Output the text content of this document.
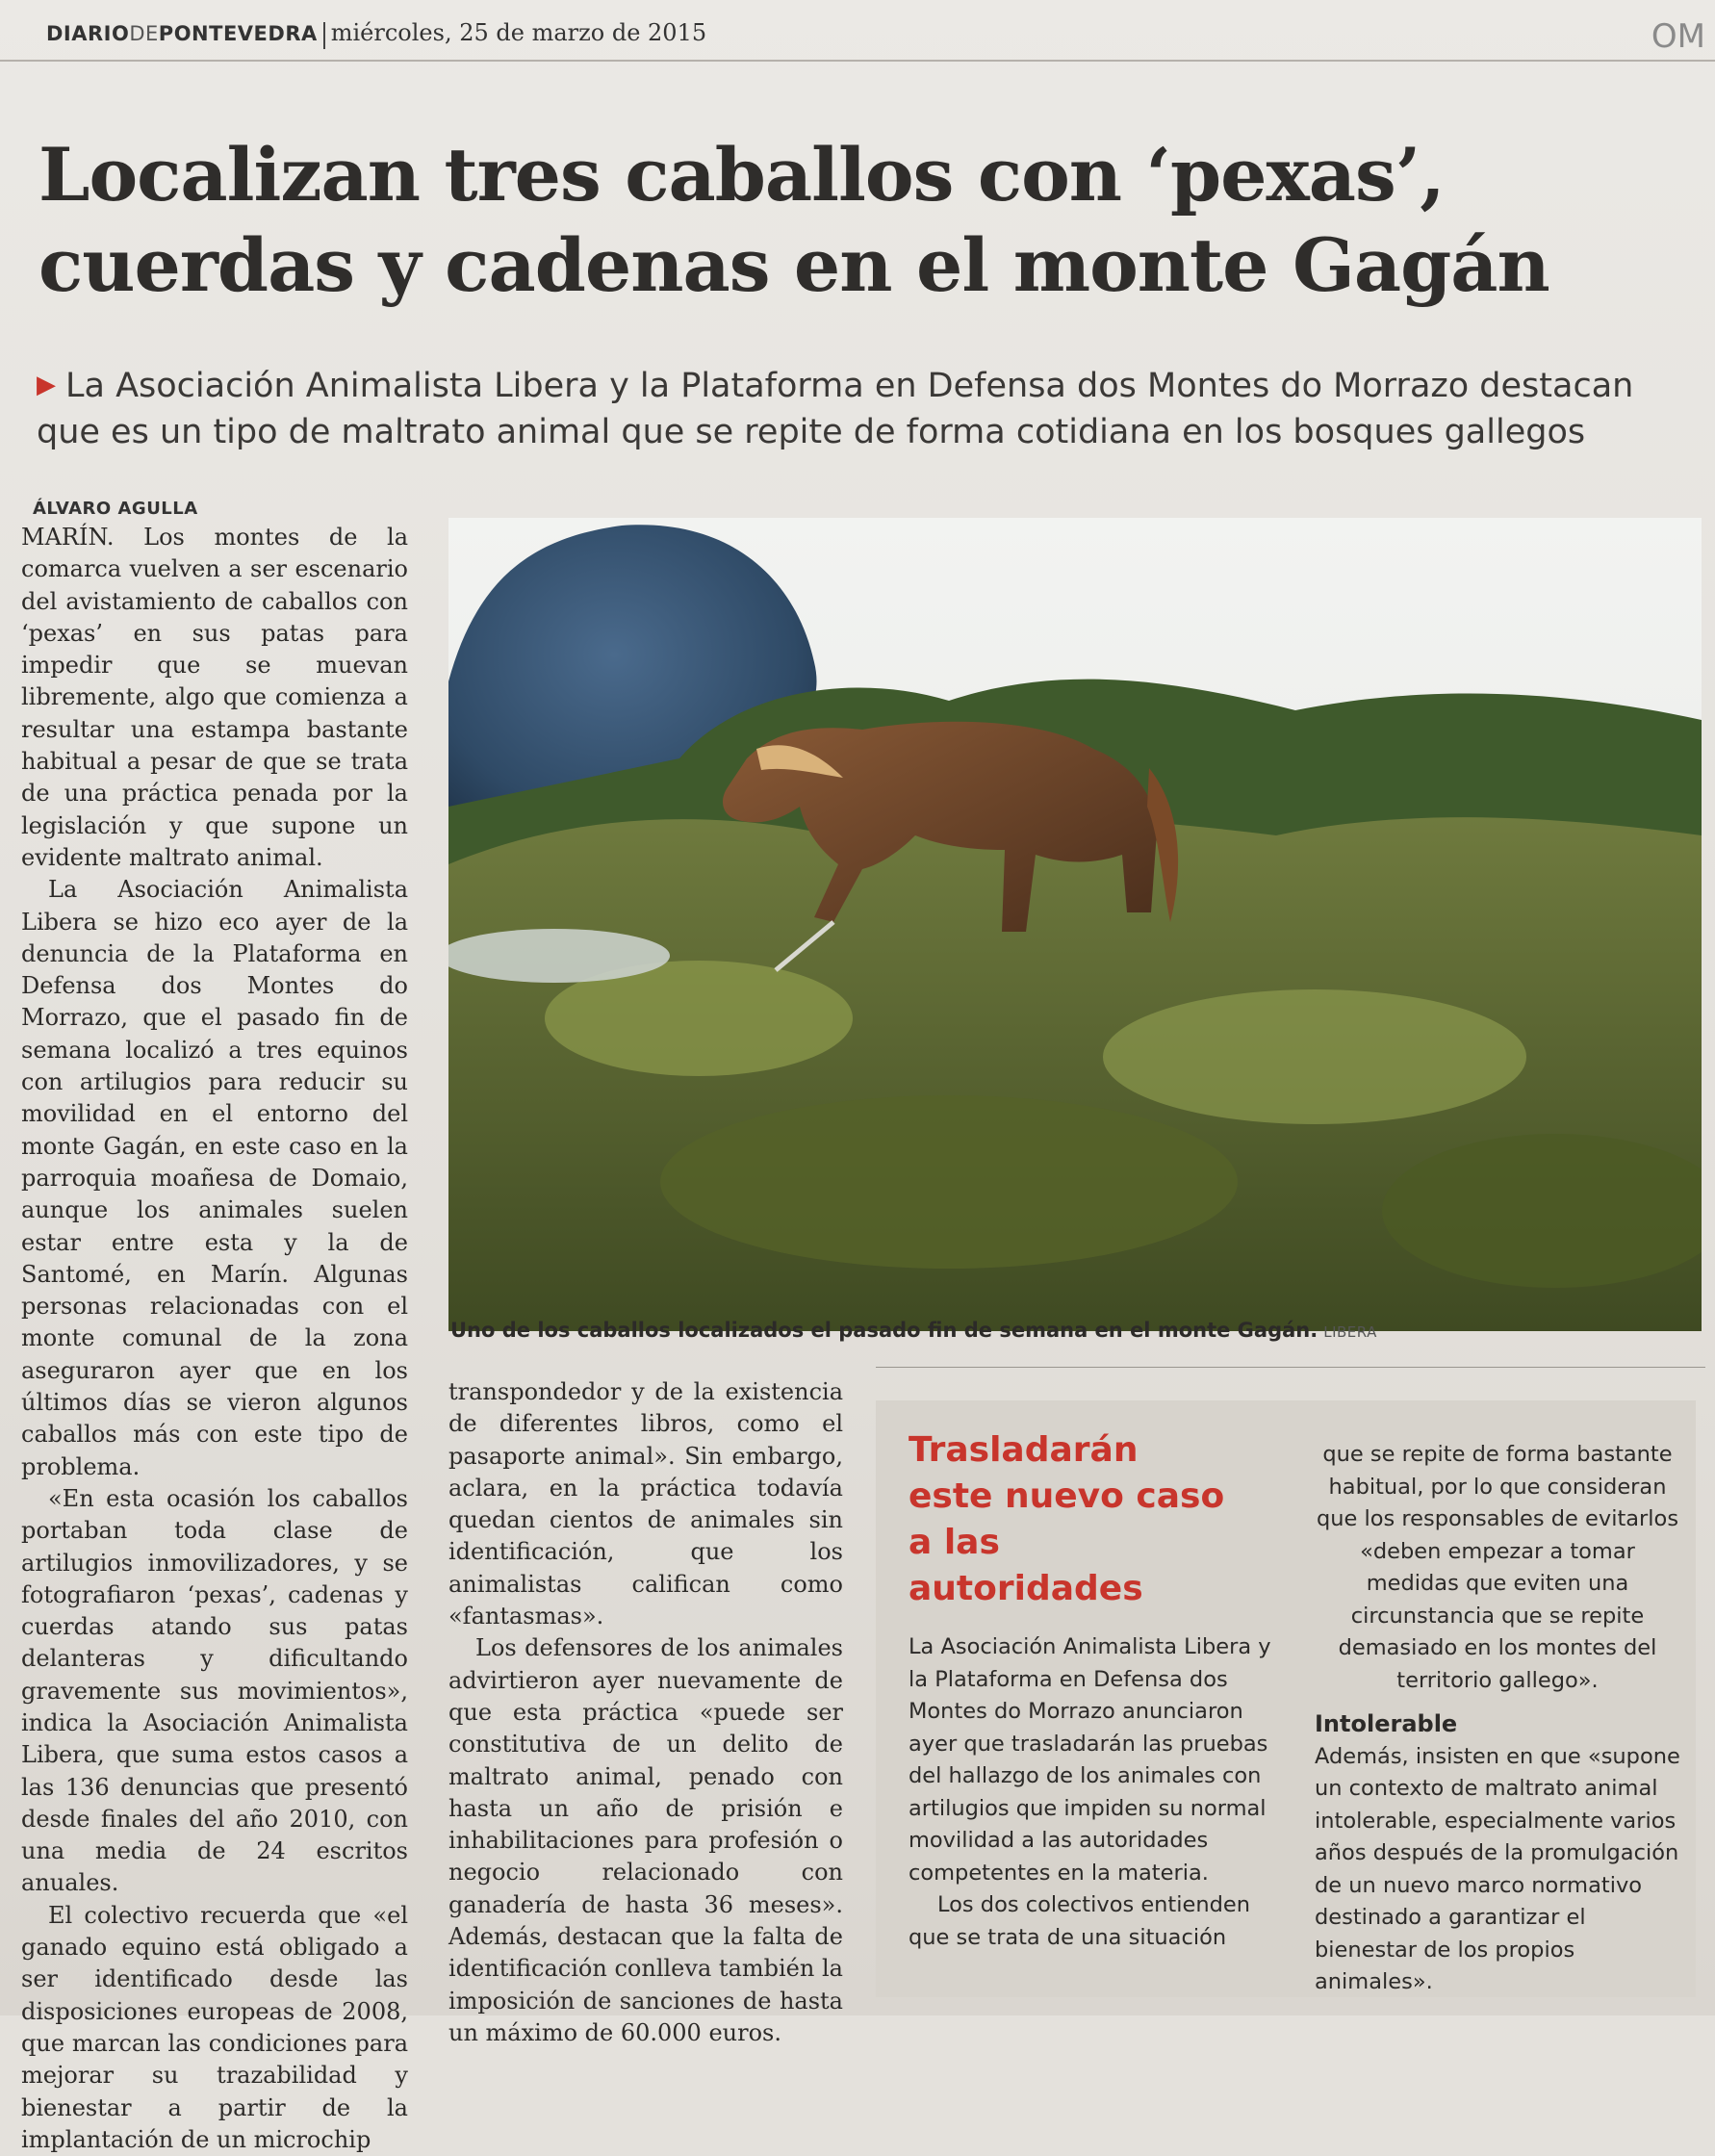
DIARIODEPONTEVEDRA miércoles, 25 de marzo de 2015	OM
Localizan tres caballos con ‘pexas’,
cuerdas y cadenas en el monte Gagán
▶ La Asociación Animalista Libera y la Plataforma en Defensa dos Montes do Morrazo destacan que es un tipo de maltrato animal que se repite de forma cotidiana en los bosques gallegos
ÁLVARO AGULLA

MARÍN. Los montes de la comarca vuelven a ser escenario del avistamiento de caballos con ‘pexas’ en sus patas para impedir que se muevan libremente, algo que comienza a resultar una estampa bastante habitual a pesar de que se trata de una práctica penada por la legislación y que supone un evidente maltrato animal.

La Asociación Animalista Libera se hizo eco ayer de la denuncia de la Plataforma en Defensa dos Montes do Morrazo, que el pasado fin de semana localizó a tres equinos con artilugios para reducir su movilidad en el entorno del monte Gagán, en este caso en la parroquia moañesa de Domaio, aunque los animales suelen estar entre esta y la de Santomé, en Marín. Algunas personas relacionadas con el monte comunal de la zona aseguraron ayer que en los últimos días se vieron algunos caballos más con este tipo de problema.

«En esta ocasión los caballos portaban toda clase de artilugios inmovilizadores, y se fotografiaron ‘pexas’, cadenas y cuerdas atando sus patas delanteras y dificultando gravemente sus movimientos», indica la Asociación Animalista Libera, que suma estos casos a las 136 denuncias que presentó desde finales del año 2010, con una media de 24 escritos anuales.

El colectivo recuerda que «el ganado equino está obligado a ser identificado desde las disposiciones europeas de 2008, que marcan las condiciones para mejorar su trazabilidad y bienestar a partir de la implantación de un microchip

Uno de los caballos localizados el pasado fin de semana en el monte Gagán. LIBERA

transpondedor y de la existencia de diferentes libros, como el pasaporte animal». Sin embargo, aclara, en la práctica todavía quedan cientos de animales sin identificación, que los animalistas califican como «fantasmas».

Los defensores de los animales advirtieron ayer nuevamente de que esta práctica «puede ser constitutiva de un delito de maltrato animal, penado con hasta un año de prisión e inhabilitaciones para profesión o negocio relacionado con ganadería de hasta 36 meses». Además, destacan que la falta de identificación conlleva también la imposición de sanciones de hasta un máximo de 60.000 euros.

Trasladarán este nuevo caso a las autoridades

La Asociación Animalista Libera y la Plataforma en Defensa dos Montes do Morrazo anunciaron ayer que trasladarán las pruebas del hallazgo de los animales con artilugios que impiden su normal movilidad a las autoridades competentes en la materia.

Los dos colectivos entienden que se trata de una situación

que se repite de forma bastante habitual, por lo que consideran que los responsables de evitarlos «deben empezar a tomar medidas que eviten una circunstancia que se repite demasiado en los montes del territorio gallego».

Intolerable

Además, insisten en que «supone un contexto de maltrato animal intolerable, especialmente varios años después de la promulgación de un nuevo marco normativo destinado a garantizar el bienestar de los propios animales».
